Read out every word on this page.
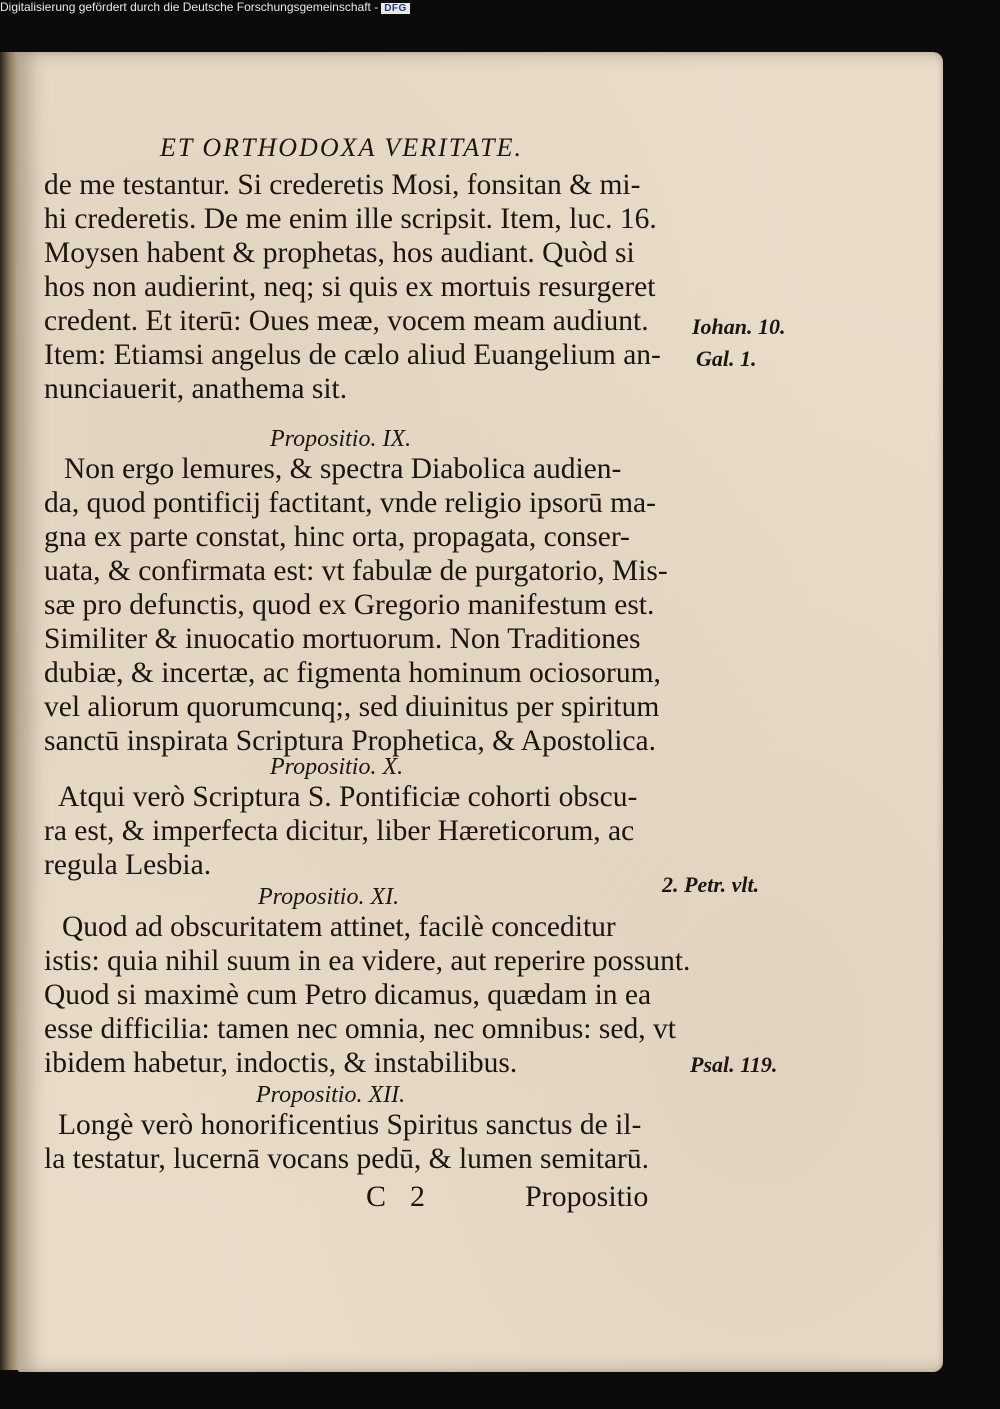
ET ORTHODOXA VERITATE.
de me testantur. Si crederetis Mosi, fonsitan & mi-
hi crederetis. De me enim ille scripsit. Item, luc. 16.
Moysen habent & prophetas, hos audiant. Quòd si
hos non audierint, neq; si quis ex mortuis resurgeret
credent. Et iterū: Oues meæ, vocem meam audiunt.
Item: Etiamsi angelus de cælo aliud Euangelium an-
nunciauerit, anathema sit.
Propositio. IX.
Non ergo lemures, & spectra Diabolica audien-
da, quod pontificij factitant, vnde religio ipsorū ma-
gna ex parte constat, hinc orta, propagata, conser-
uata, & confirmata est: vt fabulæ de purgatorio, Mis-
sæ pro defunctis, quod ex Gregorio manifestum est.
Similiter & inuocatio mortuorum. Non Traditiones
dubiæ, & incertæ, ac figmenta hominum ociosorum,
vel aliorum quorumcunq;, sed diuinitus per spiritum
sanctū inspirata Scriptura Prophetica, & Apostolica.
Propositio. X.
Atqui verò Scriptura S. Pontificiæ cohorti obscu-
ra est, & imperfecta dicitur, liber Hæreticorum, ac
regula Lesbia.
Propositio. XI.
Quod ad obscuritatem attinet, facilè conceditur
istis: quia nihil suum in ea videre, aut reperire possunt.
Quod si maximè cum Petro dicamus, quædam in ea
esse difficilia: tamen nec omnia, nec omnibus: sed, vt
ibidem habetur, indoctis, & instabilibus.
Propositio. XII.
Longè verò honorificentius Spiritus sanctus de il-
la testatur, lucernā vocans pedū, & lumen semitarū.
C 2	Propositio
Iohan. 10.
Gal. 1.
2. Petr. vlt.
Psal. 119.
Digitalisierung gefördert durch die Deutsche Forschungsgemeinschaft - DFG
